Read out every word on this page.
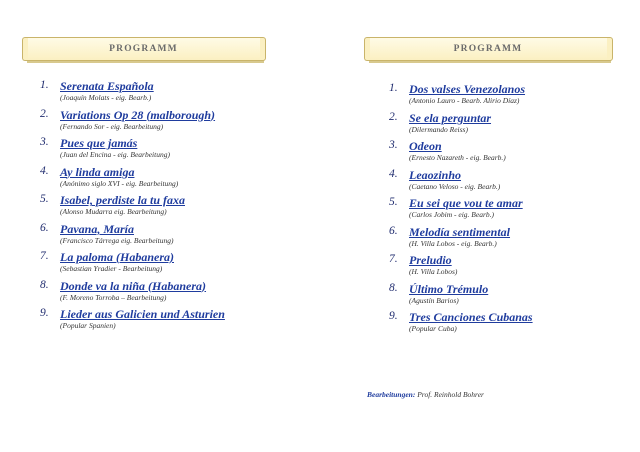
PROGRAMM
1. Serenata Española
(Joaquín Molats - eig. Bearb.)
2. Variations Op 28 (malborough)
(Fernando Sor - eig. Bearbeitung)
3. Pues que jamás
(Juan del Encina - eig. Bearbeitung)
4. Ay linda amiga
(Anónimo siglo XVI - eig. Bearbeitung)
5. Isabel, perdiste la tu faxa
(Alonso Mudarra eig. Bearbeitung)
6. Pavana, María
(Francisco Tárrega eig. Bearbeitung)
7. La paloma (Habanera)
(Sebastian Yradier - Bearbeitung)
8. Donde va la niña (Habanera)
(F. Moreno Torroba – Bearbeitung)
9. Lieder aus Galicien und Asturien
(Popular Spanien)
PROGRAMM
1. Dos valses Venezolanos
(Antonio Lauro - Bearb. Alirio Díaz)
2. Se ela perguntar
(Dilermando Reiss)
3. Odeon
(Ernesto Nazareth - eig. Bearb.)
4. Leaozinho
(Caetano Veloso - eig. Bearb.)
5. Eu sei que vou te amar
(Carlos Jobim - eig. Bearb.)
6. Melodía sentimental
(H. Villa Lobos - eig. Bearb.)
7. Preludio
(H. Villa Lobos)
8. Último Trémulo
(Agustín Barios)
9. Tres Canciones Cubanas
(Popular Cuba)
Bearbeitungen: Prof. Reinhold Bohrer
